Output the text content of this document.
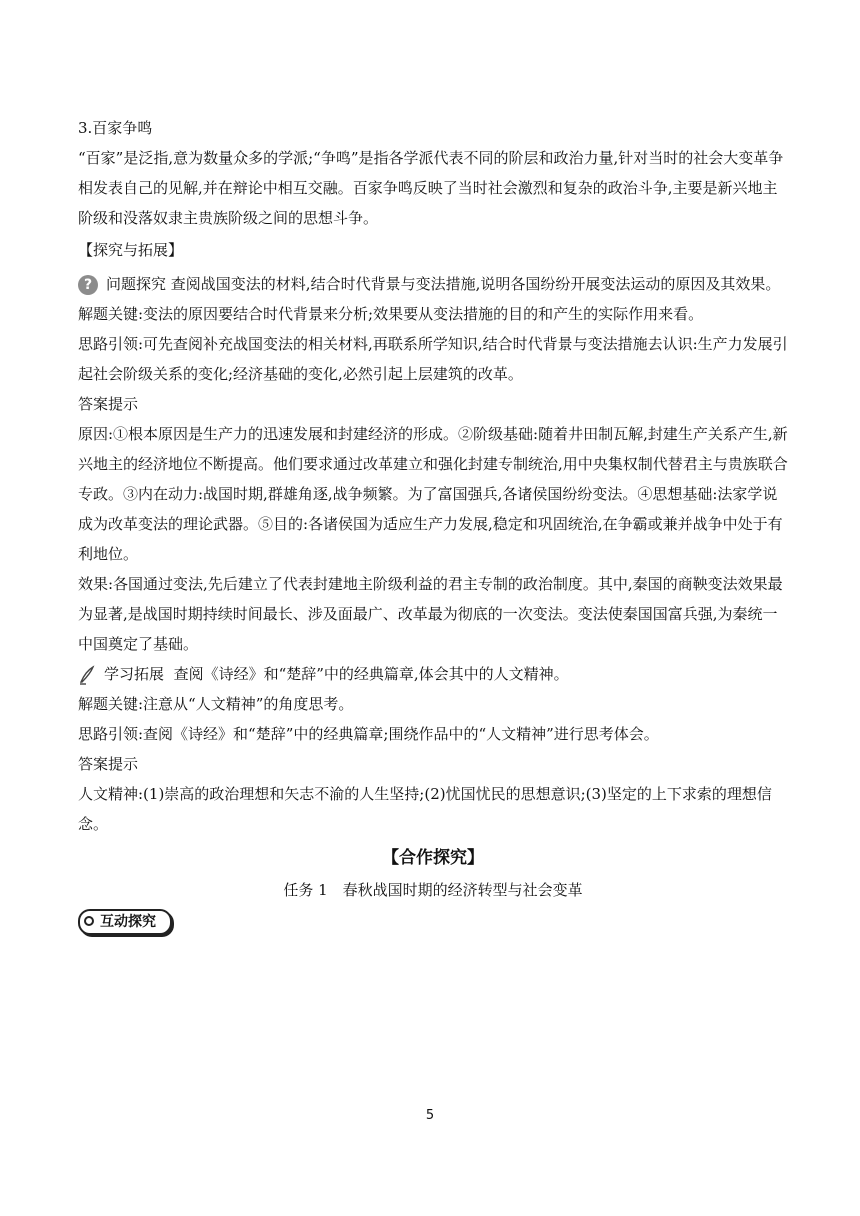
3.百家争鸣

“百家”是泛指,意为数量众多的学派;“争鸣”是指各学派代表不同的阶层和政治力量,针对当时的社会大变革争相发表自己的见解,并在辩论中相互交融。百家争鸣反映了当时社会激烈和复杂的政治斗争,主要是新兴地主阶级和没落奴隶主贵族阶级之间的思想斗争。

【探究与拓展】

? 问题探究 查阅战国变法的材料,结合时代背景与变法措施,说明各国纷纷开展变法运动的原因及其效果。

解题关键:变法的原因要结合时代背景来分析;效果要从变法措施的目的和产生的实际作用来看。

思路引领:可先查阅补充战国变法的相关材料,再联系所学知识,结合时代背景与变法措施去认识:生产力发展引起社会阶级关系的变化;经济基础的变化,必然引起上层建筑的改革。

答案提示

原因:①根本原因是生产力的迅速发展和封建经济的形成。②阶级基础:随着井田制瓦解,封建生产关系产生,新兴地主的经济地位不断提高。他们要求通过改革建立和强化封建专制统治,用中央集权制代替君主与贵族联合专政。③内在动力:战国时期,群雄角逐,战争频繁。为了富国强兵,各诸侯国纷纷变法。④思想基础:法家学说成为改革变法的理论武器。⑤目的:各诸侯国为适应生产力发展,稳定和巩固统治,在争霸或兼并战争中处于有利地位。

效果:各国通过变法,先后建立了代表封建地主阶级利益的君主专制的政治制度。其中,秦国的商鞅变法效果最为显著,是战国时期持续时间最长、涉及面最广、改革最为彻底的一次变法。变法使秦国国富兵强,为秦统一中国奠定了基础。

学习拓展 查阅《诗经》和“楚辞”中的经典篇章,体会其中的人文精神。

解题关键:注意从“人文精神”的角度思考。

思路引领:查阅《诗经》和“楚辞”中的经典篇章;围绕作品中的“人文精神”进行思考体会。

答案提示

人文精神:(1)崇高的政治理想和矢志不渝的人生坚持;(2)忧国忧民的思想意识;(3)坚定的上下求索的理想信念。

【合作探究】

任务 1　春秋战国时期的经济转型与社会变革

互动探究
5
